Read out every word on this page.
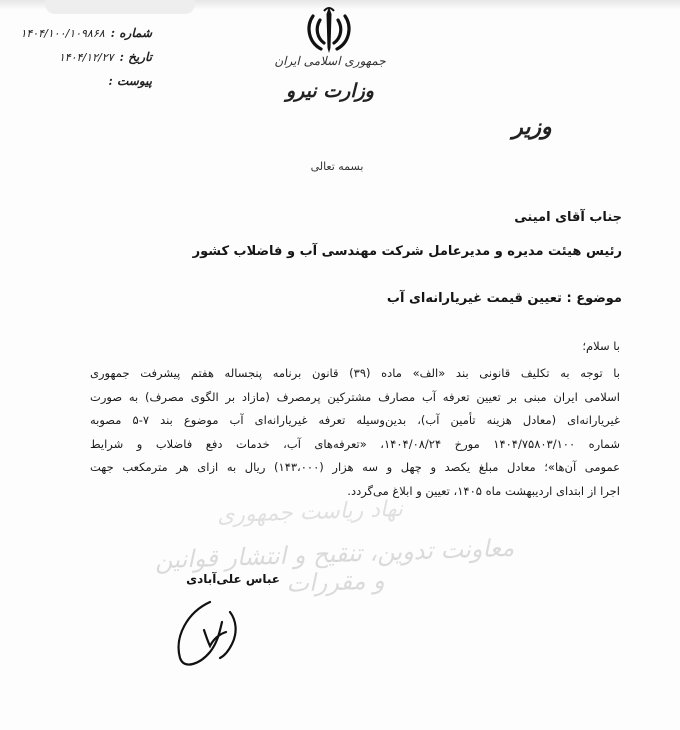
جمهوری اسلامی ایران
وزارت نیرو
وزیر
شماره :
۱۴۰۴/۱۰۰/۱۰۹۸۶۸
تاریخ :
۱۴۰۴/۱۲/۲۷
پیوست :
بسمه تعالی
جناب آقای امینی
رئیس هیئت مدیره و مدیرعامل شرکت مهندسی آب و فاضلاب کشور
موضوع : تعیین قیمت غیریارانه‌ای آب
با سلام؛
با توجه به تکلیف قانونی بند «الف» ماده (۳۹) قانون برنامه پنجساله هفتم پیشرفت جمهوری
اسلامی ایران مبنی بر تعیین تعرفه آب مصارف مشترکین پرمصرف (مازاد بر الگوی مصرف) به صورت
غیریارانه‌ای (معادل هزینه تأمین آب)، بدین‌وسیله تعرفه غیریارانه‌ای آب موضوع بند ۷-۵ مصوبه
شماره ۱۴۰۴/۷۵۸۰۳/۱۰۰ مورخ ۱۴۰۴/۰۸/۲۴، «تعرفه‌های آب، خدمات دفع فاضلاب و شرایط
عمومی آن‌ها»؛ معادل مبلغ یکصد و چهل و سه هزار (۱۴۳،۰۰۰) ریال به ازای هر مترمکعب جهت
اجرا از ابتدای اردیبهشت ماه ۱۴۰۵، تعیین و ابلاغ می‌گردد.
نهاد ریاست جمهوری
معاونت تدوین، تنقیح و انتشار قوانین و مقررات
عباس علی‌آبادی
